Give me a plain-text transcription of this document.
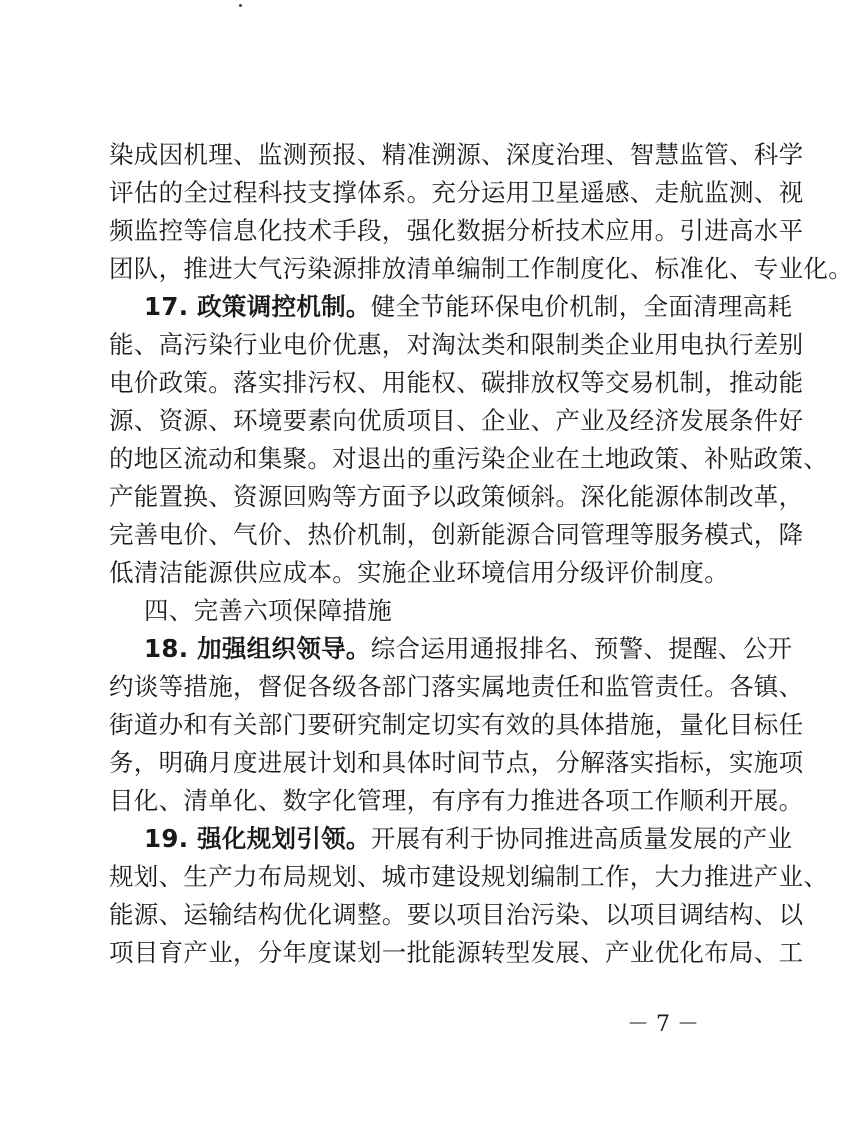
染成因机理、监测预报、精准溯源、深度治理、智慧监管、科学
评估的全过程科技支撑体系。充分运用卫星遥感、走航监测、视
频监控等信息化技术手段，强化数据分析技术应用。引进高水平
团队，推进大气污染源排放清单编制工作制度化、标准化、专业化。
17. 政策调控机制。健全节能环保电价机制，全面清理高耗
能、高污染行业电价优惠，对淘汰类和限制类企业用电执行差别
电价政策。落实排污权、用能权、碳排放权等交易机制，推动能
源、资源、环境要素向优质项目、企业、产业及经济发展条件好
的地区流动和集聚。对退出的重污染企业在土地政策、补贴政策、
产能置换、资源回购等方面予以政策倾斜。深化能源体制改革，
完善电价、气价、热价机制，创新能源合同管理等服务模式，降
低清洁能源供应成本。实施企业环境信用分级评价制度。
四、完善六项保障措施
18. 加强组织领导。综合运用通报排名、预警、提醒、公开
约谈等措施，督促各级各部门落实属地责任和监管责任。各镇、
街道办和有关部门要研究制定切实有效的具体措施，量化目标任
务，明确月度进展计划和具体时间节点，分解落实指标，实施项
目化、清单化、数字化管理，有序有力推进各项工作顺利开展。
19. 强化规划引领。开展有利于协同推进高质量发展的产业
规划、生产力布局规划、城市建设规划编制工作，大力推进产业、
能源、运输结构优化调整。要以项目治污染、以项目调结构、以
项目育产业，分年度谋划一批能源转型发展、产业优化布局、工
－ 7 －
